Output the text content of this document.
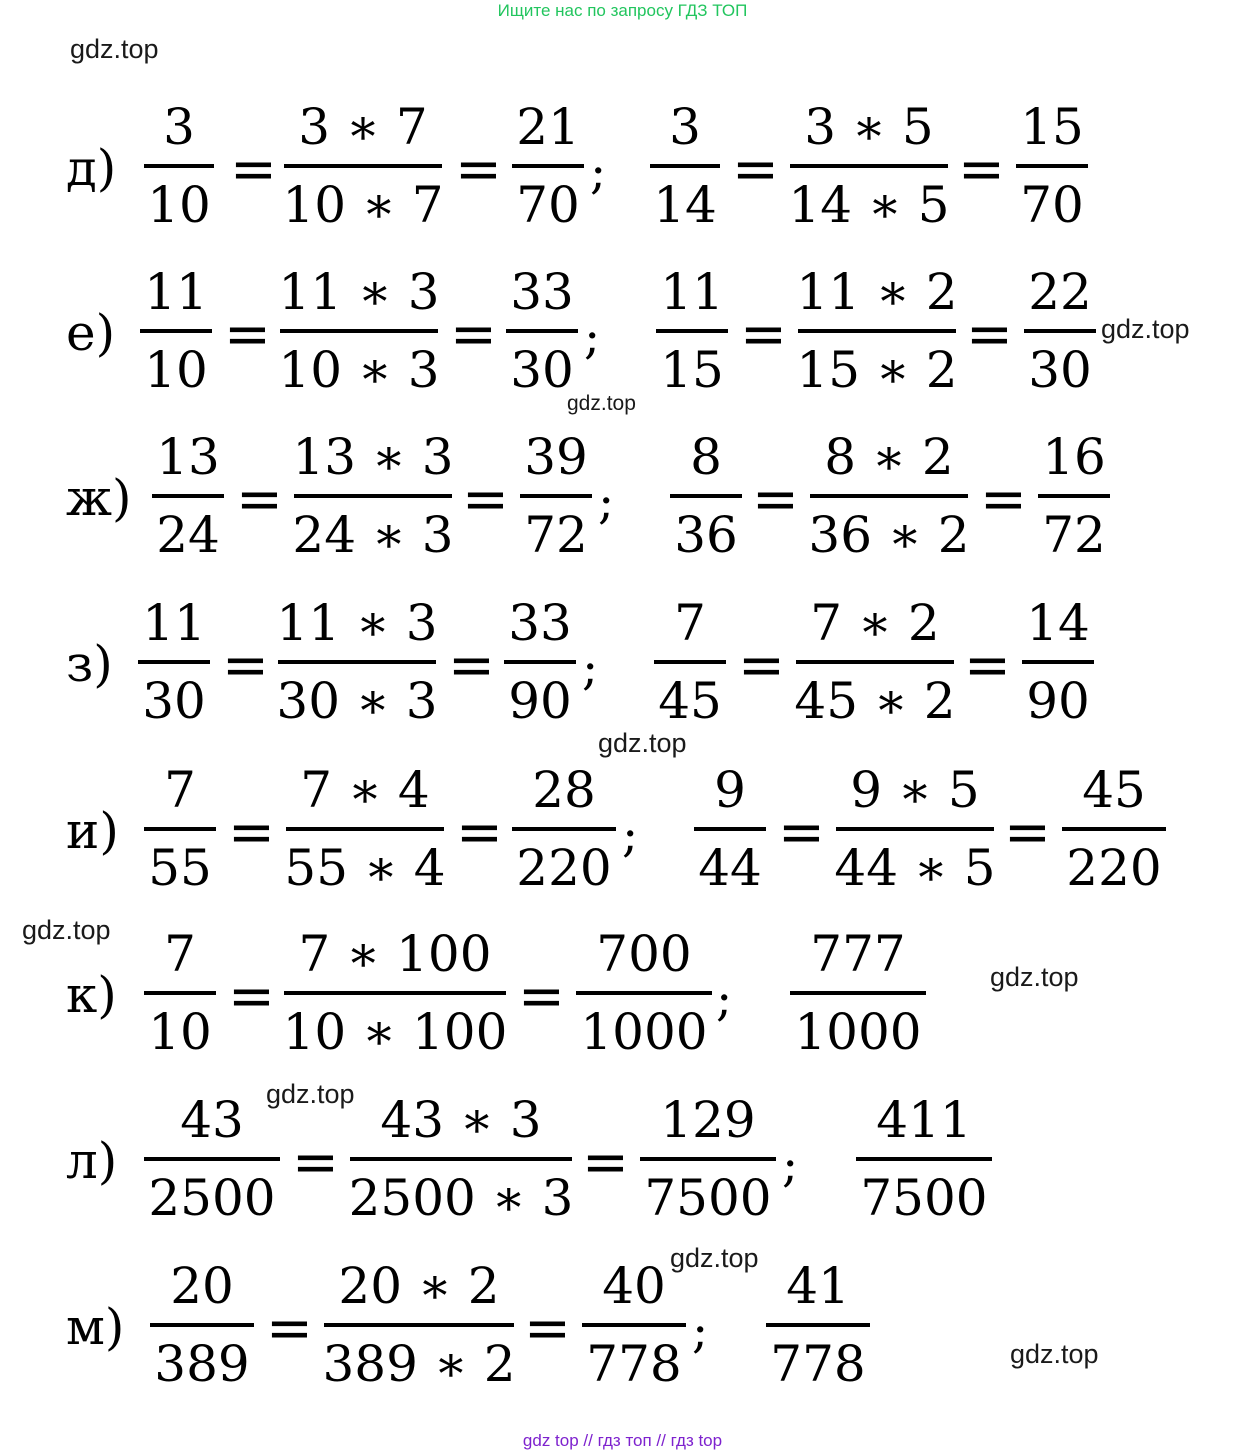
Ищите нас по запросу ГДЗ ТОП
gdz.top
gdz.top
gdz.top
gdz.top
gdz.top
gdz.top
gdz.top
gdz.top
gdz.top
д)
3
10
=
3 ∗ 7
10 ∗ 7
=
21
70
;
3
14
=
3 ∗ 5
14 ∗ 5
=
15
70
е)
11
10
=
11 ∗ 3
10 ∗ 3
=
33
30
;
11
15
=
11 ∗ 2
15 ∗ 2
=
22
30
ж)
13
24
=
13 ∗ 3
24 ∗ 3
=
39
72
;
8
36
=
8 ∗ 2
36 ∗ 2
=
16
72
з)
11
30
=
11 ∗ 3
30 ∗ 3
=
33
90
;
7
45
=
7 ∗ 2
45 ∗ 2
=
14
90
и)
7
55
=
7 ∗ 4
55 ∗ 4
=
28
220
;
9
44
=
9 ∗ 5
44 ∗ 5
=
45
220
к)
7
10
=
7 ∗ 100
10 ∗ 100
=
700
1000
;
777
1000
л)
43
2500
=
43 ∗ 3
2500 ∗ 3
=
129
7500
;
411
7500
м)
20
389
=
20 ∗ 2
389 ∗ 2
=
40
778
;
41
778
gdz top // гдз топ // гдз top
